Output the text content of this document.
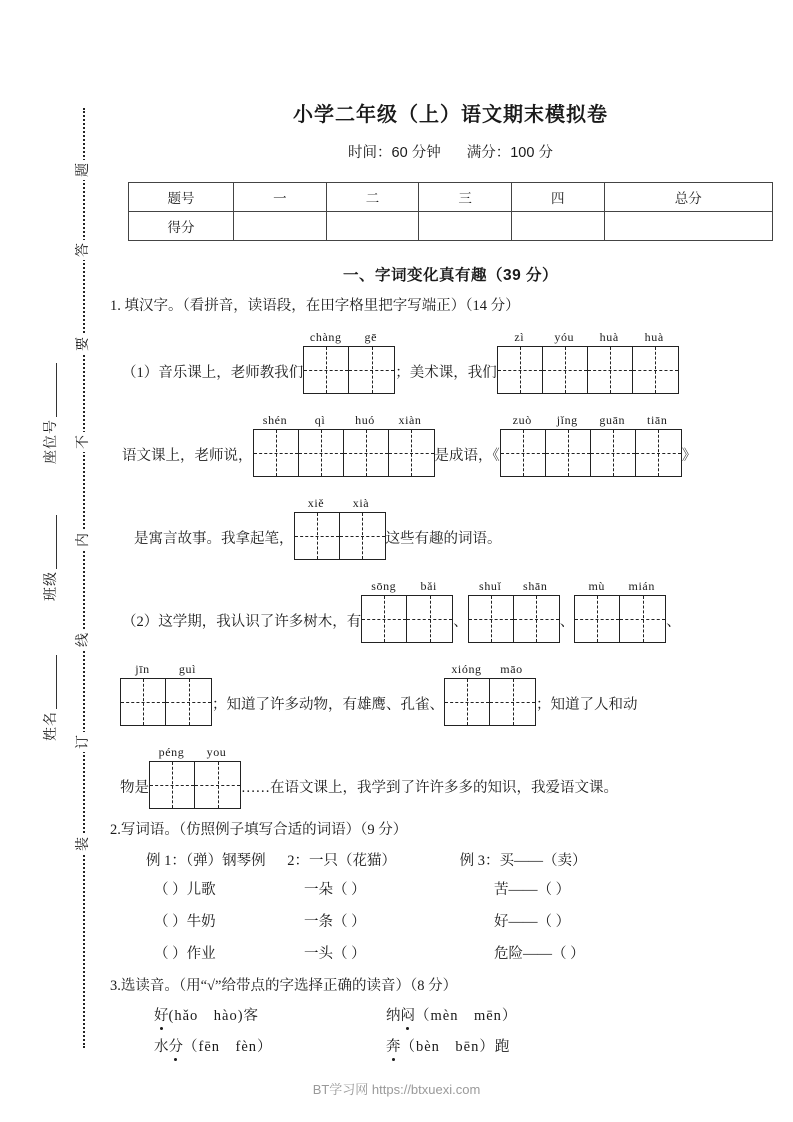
题
答
要
不
内
线
订
装
座位号
班级
姓名
小学二年级（上）语文期末模拟卷
时间：60 分钟 满分：100 分
题号	一	二	三	四	总分
得分					
一、字词变化真有趣（39 分）
1. 填汉字。（看拼音，读语段，在田字格里把字写端正）（14 分）
（1）音乐课上，老师教我们
chàng	gē
；美术课，我们
zì	yóu	huà	huà
语文课上，老师说，
shén	qì	huó	xiàn
是成语，《
zuò	jǐng	guān	tiān
》
是寓言故事。我拿起笔，
xiě	xià
这些有趣的词语。
（2）这学期，我认识了许多树木，有
sōng	bǎi
、
shuǐ	shān
、
mù	mián
、
jīn	guì
；知道了许多动物，有雄鹰、孔雀、
xióng	māo
；知道了人和动
物是
péng	you
……在语文课上，我学到了许许多多的知识，我爱语文课。
2.写词语。（仿照例子填写合适的词语）（9 分）
例 1：（弹）钢琴例 2：一只（花猫）	例 3：买——（卖）
（ ）儿歌	一朵（ ）	苦——（ ）
（ ）牛奶	一条（ ）	好——（ ）
（ ）作业	一头（ ）	危险——（ ）
3.选读音。（用“√”给带点的字选择正确的读音）（8 分）
好(hǎo　hào)客	纳闷（mèn　mēn）
水分（fēn　fèn）	奔（bèn　bēn）跑
BT学习网 https://btxuexi.com
